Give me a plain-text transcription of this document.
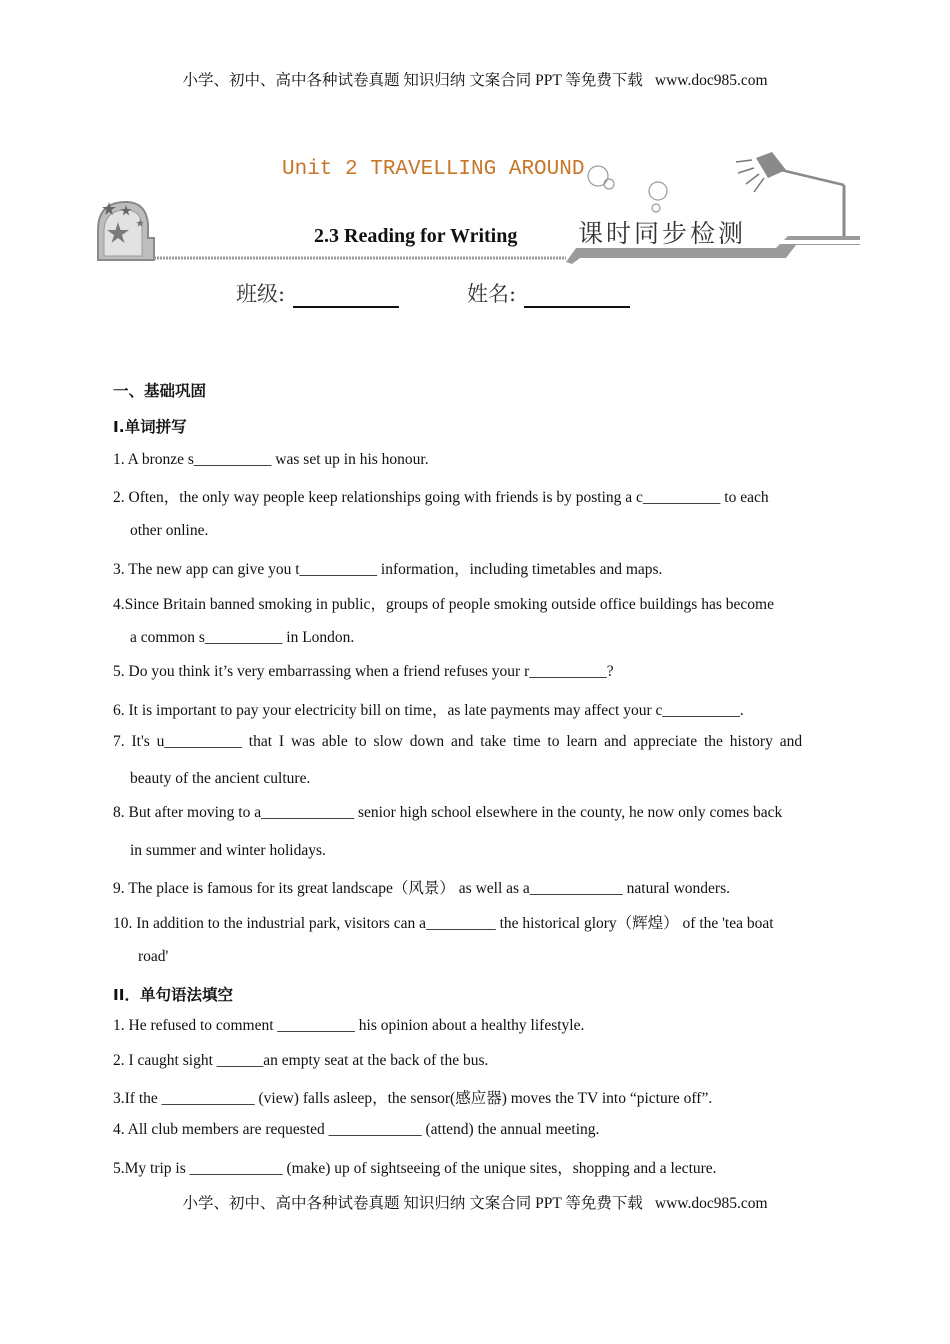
小学、初中、高中各种试卷真题 知识归纳 文案合同 PPT 等免费下载 www.doc985.com
Unit 2 TRAVELLING AROUND
2.3 Reading for Writing 课时同步检测
班级:	姓名:
一、基础巩固
I.单词拼写
1. A bronze s__________ was set up in his honour.
2. Often，the only way people keep relationships going with friends is by posting a c__________ to each
other online.
3. The new app can give you t__________ information，including timetables and maps.
4.Since Britain banned smoking in public，groups of people smoking outside office buildings has become
a common s__________ in London.
5. Do you think it’s very embarrassing when a friend refuses your r__________?
6. It is important to pay your electricity bill on time，as late payments may affect your c__________.
7. It's u__________ that I was able to slow down and take time to learn and appreciate the history and
beauty of the ancient culture.
8. But after moving to a____________ senior high school elsewhere in the county, he now only comes back
in summer and winter holidays.
9. The place is famous for its great landscape（风景） as well as a____________ natural wonders.
10. In addition to the industrial park, visitors can a_________ the historical glory（辉煌） of the 'tea boat
road'
II．单句语法填空
1. He refused to comment __________ his opinion about a healthy lifestyle.
2. I caught sight ______an empty seat at the back of the bus.
3.If the ____________ (view) falls asleep，the sensor(感应器) moves the TV into “picture off”.
4. All club members are requested ____________ (attend) the annual meeting.
5.My trip is ____________ (make) up of sightseeing of the unique sites，shopping and a lecture.
小学、初中、高中各种试卷真题 知识归纳 文案合同 PPT 等免费下载 www.doc985.com
